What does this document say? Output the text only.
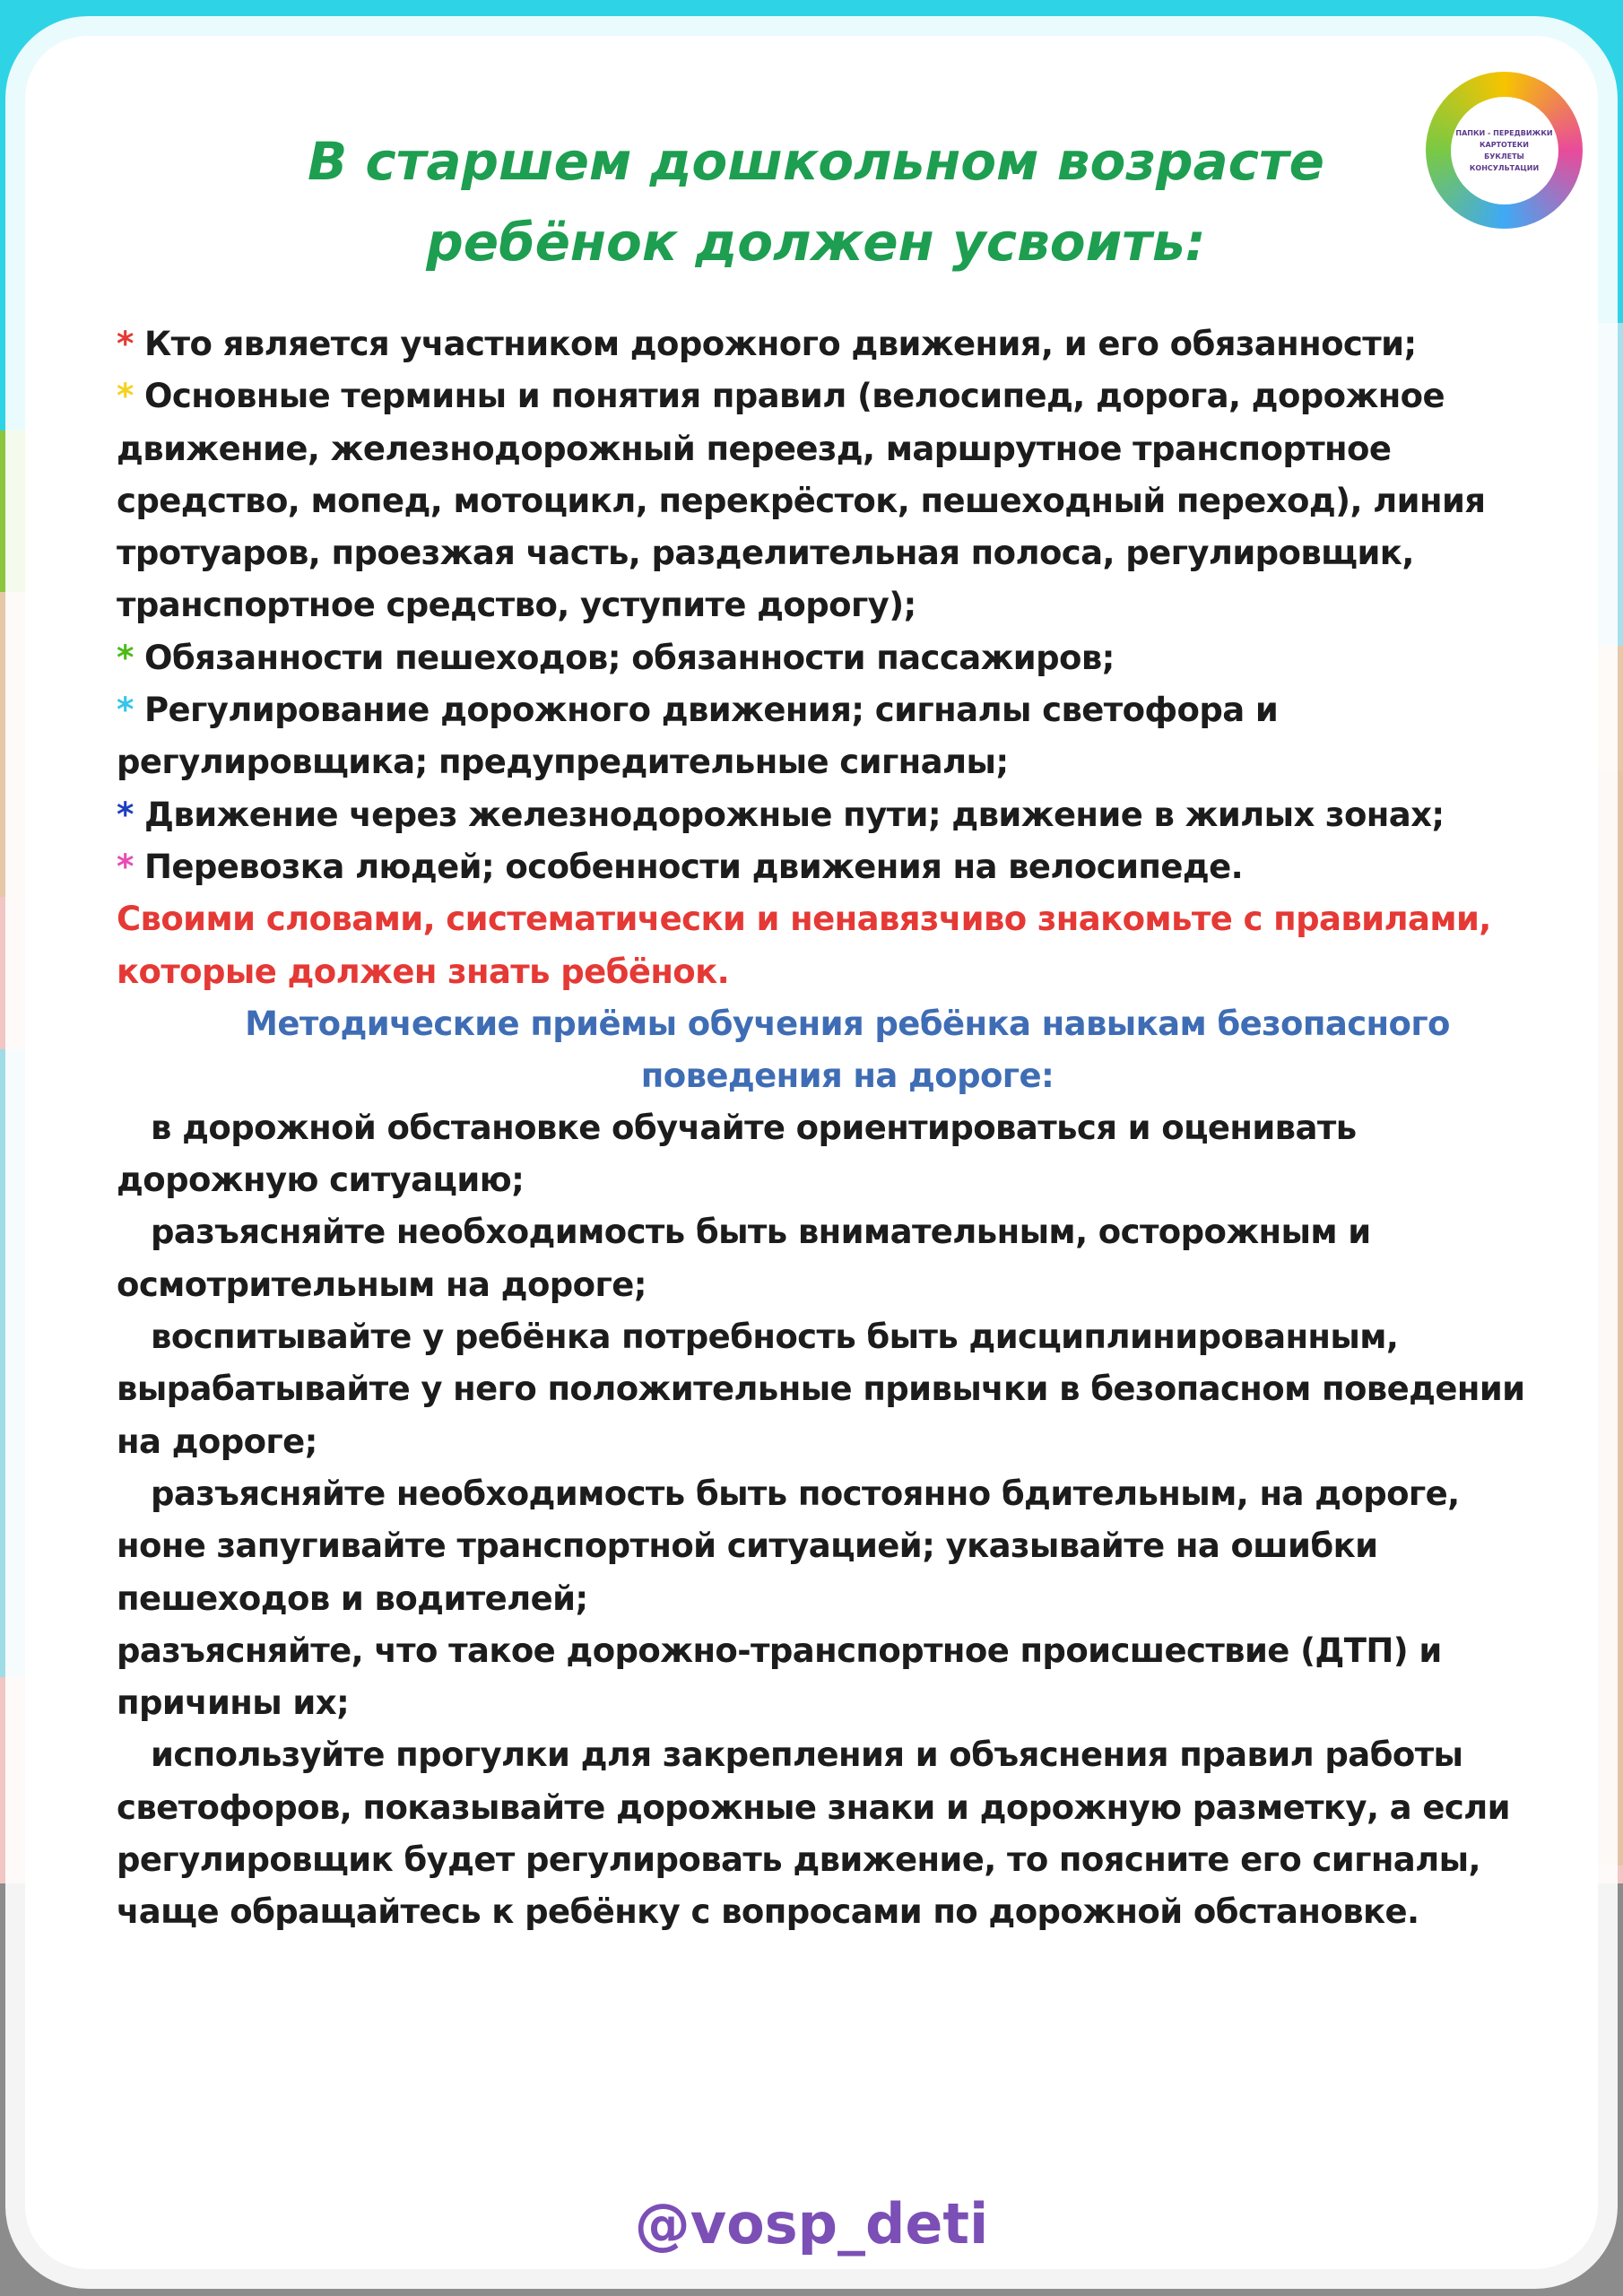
ПАПКИ - ПЕРЕДВИЖКИ
КАРТОТЕКИ
БУКЛЕТЫ
КОНСУЛЬТАЦИИ
В старшем дошкольном возрасте
ребёнок должен усвоить:

* Кто является участником дорожного движения, и его обязанности;

* Основные термины и понятия правил (велосипед, дорога, дорожное движение, железнодорожный переезд, маршрутное транспортное средство, мопед, мотоцикл, перекрёсток, пешеходный переход), линия тротуаров, проезжая часть, разделительная полоса, регулировщик, транспортное средство, уступите дорогу);

* Обязанности пешеходов; обязанности пассажиров;

* Регулирование дорожного движения; сигналы светофора и регулировщика; предупредительные сигналы;

* Движение через железнодорожные пути; движение в жилых зонах;

* Перевозка людей; особенности движения на велосипеде.

Своими словами, систематически и ненавязчиво знакомьте с правилами, которые должен знать ребёнок.

Методические приёмы обучения ребёнка навыкам безопасного поведения на дороге:

в дорожной обстановке обучайте ориентироваться и оценивать дорожную ситуацию;

разъясняйте необходимость быть внимательным, осторожным и осмотрительным на дороге;

воспитывайте у ребёнка потребность быть дисциплинированным, вырабатывайте у него положительные привычки в безопасном поведении на дороге;

разъясняйте необходимость быть постоянно бдительным, на дороге, ноне запугивайте транспортной ситуацией; указывайте на ошибки пешеходов и водителей;

разъясняйте, что такое дорожно-транспортное происшествие (ДТП) и причины их;

используйте прогулки для закрепления и объяснения правил работы светофоров, показывайте дорожные знаки и дорожную разметку, а если регулировщик будет регулировать движение, то поясните его сигналы, чаще обращайтесь к ребёнку с вопросами по дорожной обстановке.

@vosp_deti
